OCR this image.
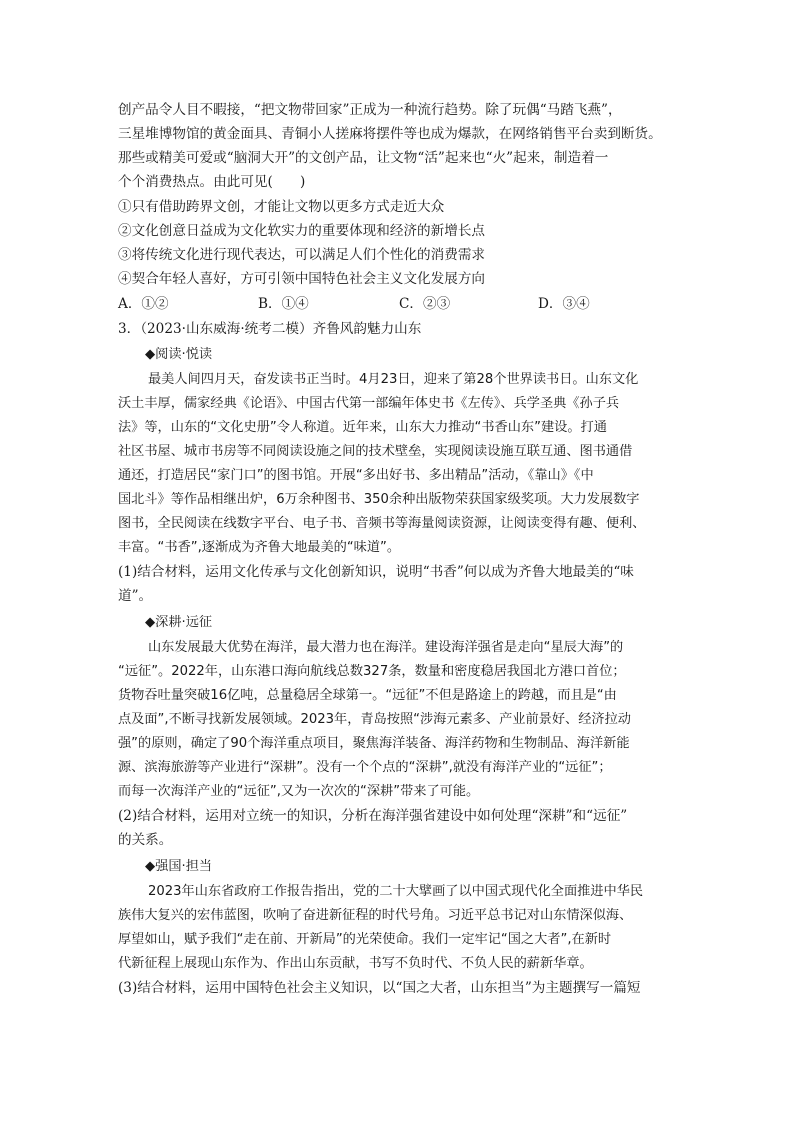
创产品令人目不暇接，“把文物带回家”正成为一种流行趋势。除了玩偶“马踏飞燕”，
三星堆博物馆的黄金面具、青铜小人搓麻将摆件等也成为爆款，在网络销售平台卖到断货。
那些或精美可爱或“脑洞大开”的文创产品，让文物“活”起来也“火”起来，制造着一
个个消费热点。由此可见(　　)
①只有借助跨界文创，才能让文物以更多方式走近大众
②文化创意日益成为文化软实力的重要体现和经济的新增长点
③将传统文化进行现代表达，可以满足人们个性化的消费需求
④契合年轻人喜好，方可引领中国特色社会主义文化发展方向
A．①②	B．①④	C．②③	D．③④
3．（2023·山东威海·统考二模）齐鲁风韵魅力山东
◆阅读·悦读
最美人间四月天，奋发读书正当时。4月23日，迎来了第28个世界读书日。山东文化
沃土丰厚，儒家经典《论语》、中国古代第一部编年体史书《左传》、兵学圣典《孙子兵
法》等，山东的“文化史册”令人称道。近年来，山东大力推动“书香山东”建设。打通
社区书屋、城市书房等不同阅读设施之间的技术壁垒，实现阅读设施互联互通、图书通借
通还，打造居民“家门口”的图书馆。开展“多出好书、多出精品”活动，《靠山》《中
国北斗》等作品相继出炉，6万余种图书、350余种出版物荣获国家级奖项。大力发展数字
图书，全民阅读在线数字平台、电子书、音频书等海量阅读资源，让阅读变得有趣、便利、
丰富。“书香”,逐渐成为齐鲁大地最美的“味道”。
(1)结合材料，运用文化传承与文化创新知识，说明“书香”何以成为齐鲁大地最美的“味
道”。
◆深耕·远征
山东发展最大优势在海洋，最大潜力也在海洋。建设海洋强省是走向“星辰大海”的
“远征”。2022年，山东港口海向航线总数327条，数量和密度稳居我国北方港口首位；
货物吞吐量突破16亿吨，总量稳居全球第一。“远征”不但是路途上的跨越，而且是“由
点及面”,不断寻找新发展领域。2023年，青岛按照“涉海元素多、产业前景好、经济拉动
强”的原则，确定了90个海洋重点项目，聚焦海洋装备、海洋药物和生物制品、海洋新能
源、滨海旅游等产业进行“深耕”。没有一个个点的“深耕”,就没有海洋产业的“远征”；
而每一次海洋产业的“远征”,又为一次次的“深耕”带来了可能。
(2)结合材料，运用对立统一的知识，分析在海洋强省建设中如何处理“深耕”和“远征”
的关系。
◆强国·担当
2023年山东省政府工作报告指出，党的二十大擘画了以中国式现代化全面推进中华民
族伟大复兴的宏伟蓝图，吹响了奋进新征程的时代号角。习近平总书记对山东情深似海、
厚望如山，赋予我们“走在前、开新局”的光荣使命。我们一定牢记“国之大者”,在新时
代新征程上展现山东作为、作出山东贡献，书写不负时代、不负人民的薪新华章。
(3)结合材料，运用中国特色社会主义知识，以“国之大者，山东担当”为主题撰写一篇短
